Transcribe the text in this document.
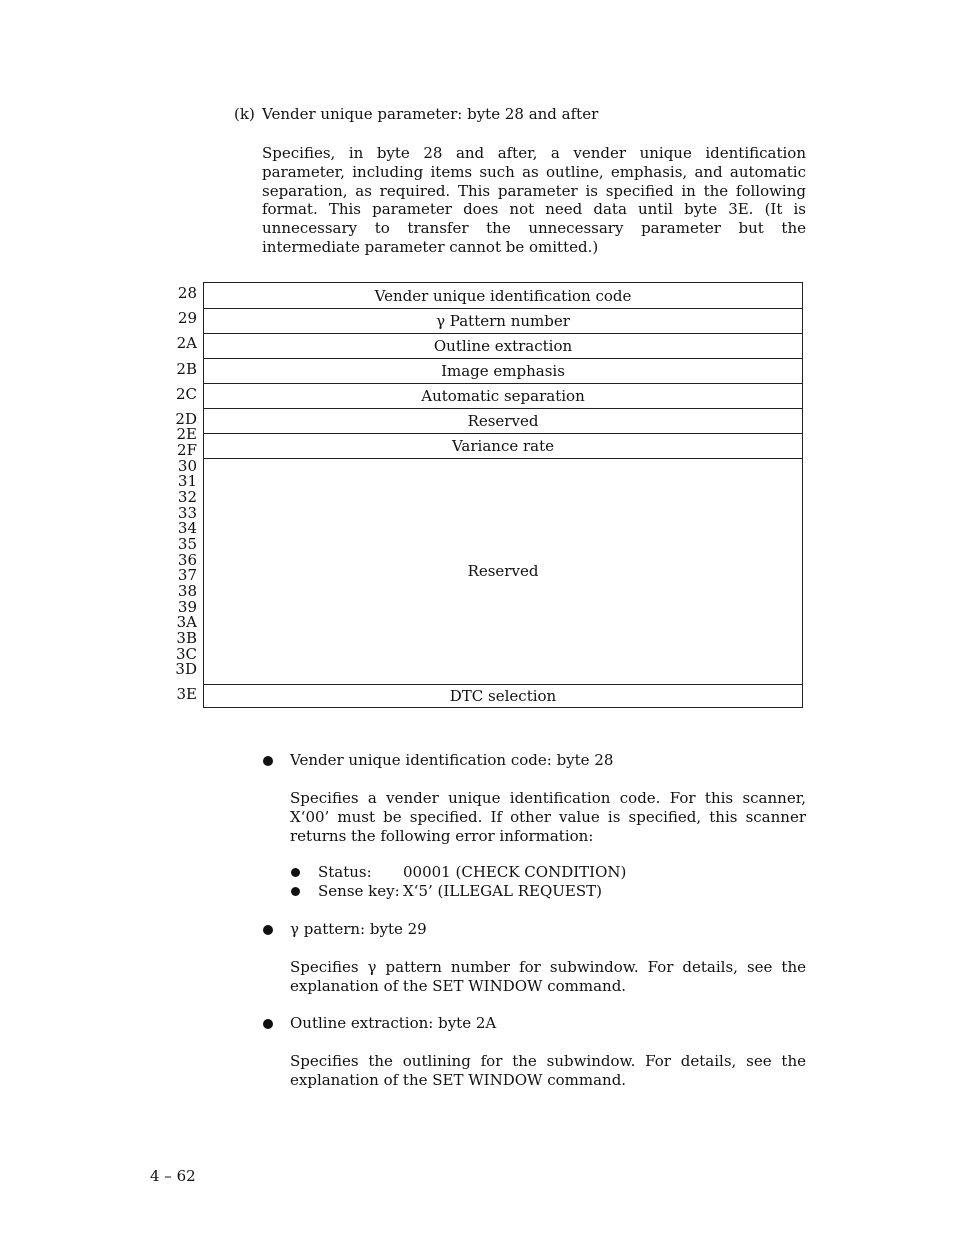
(k) Vender unique parameter: byte 28 and after

Specifies, in byte 28 and after, a vender unique identification parameter, including items such as outline, emphasis, and automatic separation, as required. This parameter is specified in the following format. This parameter does not need data until byte 3E. (It is unnecessary to transfer the unnecessary parameter but the intermediate parameter cannot be omitted.)

28
29
2A
2B
2C
2D
2E
2F
30
31
32
33
34
35
36
37
38
39
3A
3B
3C
3D
3E
Vender unique identification code
γ Pattern number
Outline extraction
Image emphasis
Automatic separation
Reserved
Variance rate
Reserved
DTC selection
Vender unique identification code: byte 28

Specifies a vender unique identification code. For this scanner, X‘00’ must be specified. If other value is specified, this scanner returns the following error information:

Status: 00001 (CHECK CONDITION)
Sense key: X‘5’ (ILLEGAL REQUEST)
γ pattern: byte 29

Specifies γ pattern number for subwindow. For details, see the explanation of the SET WINDOW command.

Outline extraction: byte 2A

Specifies the outlining for the subwindow. For details, see the explanation of the SET WINDOW command.

4 – 62
